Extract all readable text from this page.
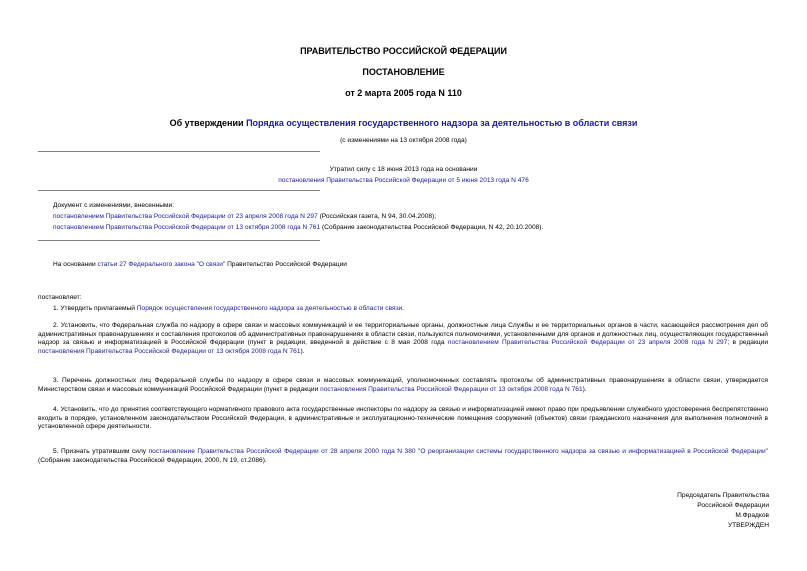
ПРАВИТЕЛЬСТВО РОССИЙСКОЙ ФЕДЕРАЦИИ
ПОСТАНОВЛЕНИЕ
от 2 марта 2005 года N 110
Об утверждении Порядка осуществления государственного надзора за деятельностью в области связи
(с изменениями на 13 октября 2008 года)
Утратил силу с 18 июня 2013 года на основании
постановления Правительства Российской Федерации от 5 июня 2013 года N 476
Документ с изменениями, внесенными:
постановлением Правительства Российской Федерации от 23 апреля 2008 года N 297 (Российская газета, N 94, 30.04.2008);
постановлением Правительства Российской Федерации от 13 октября 2008 года N 761 (Собрание законодательства Российской Федерации, N 42, 20.10.2008).
На основании статьи 27 Федерального закона "О связи" Правительство Российской Федерации
постановляет:
1. Утвердить прилагаемый Порядок осуществления государственного надзора за деятельностью в области связи.
2. Установить, что Федеральная служба по надзору в сфере связи и массовых коммуникаций и ее территориальные органы, должностные лица Службы и ее территориальных органов в части, касающейся рассмотрения дел об административных правонарушениях и составления протоколов об административных правонарушениях в области связи, пользуются полномочиями, установленными для органов и должностных лиц, осуществляющих государственный надзор за связью и информатизацией в Российской Федерации (пункт в редакции, введенной в действие с 8 мая 2008 года постановлением Правительства Российской Федерации от 23 апреля 2008 года N 297; в редакции постановления Правительства Российской Федерации от 13 октября 2008 года N 761).
3. Перечень должностных лиц Федеральной службы по надзору в сфере связи и массовых коммуникаций, уполномоченных составлять протоколы об административных правонарушениях в области связи, утверждается Министерством связи и массовых коммуникаций Российской Федерации (пункт в редакции постановления Правительства Российской Федерации от 13 октября 2008 года N 761).
4. Установить, что до принятия соответствующего нормативного правового акта государственные инспекторы по надзору за связью и информатизацией имеют право при предъявлении служебного удостоверения беспрепятственно входить в порядке, установленном законодательством Российской Федерации, в административные и эксплуатационно-технические помещения сооружений (объектов) связи гражданского назначения для выполнения полномочий в установленной сфере деятельности.
5. Признать утратившим силу постановление Правительства Российской Федерации от 28 апреля 2000 года N 380 "О реорганизации системы государственного надзора за связью и информатизацией в Российской Федерации" (Собрание законодательства Российской Федерации, 2000, N 19, ст.2086).
Председатель Правительства
Российской Федерации
М.Фрадков
УТВЕРЖДЕН
